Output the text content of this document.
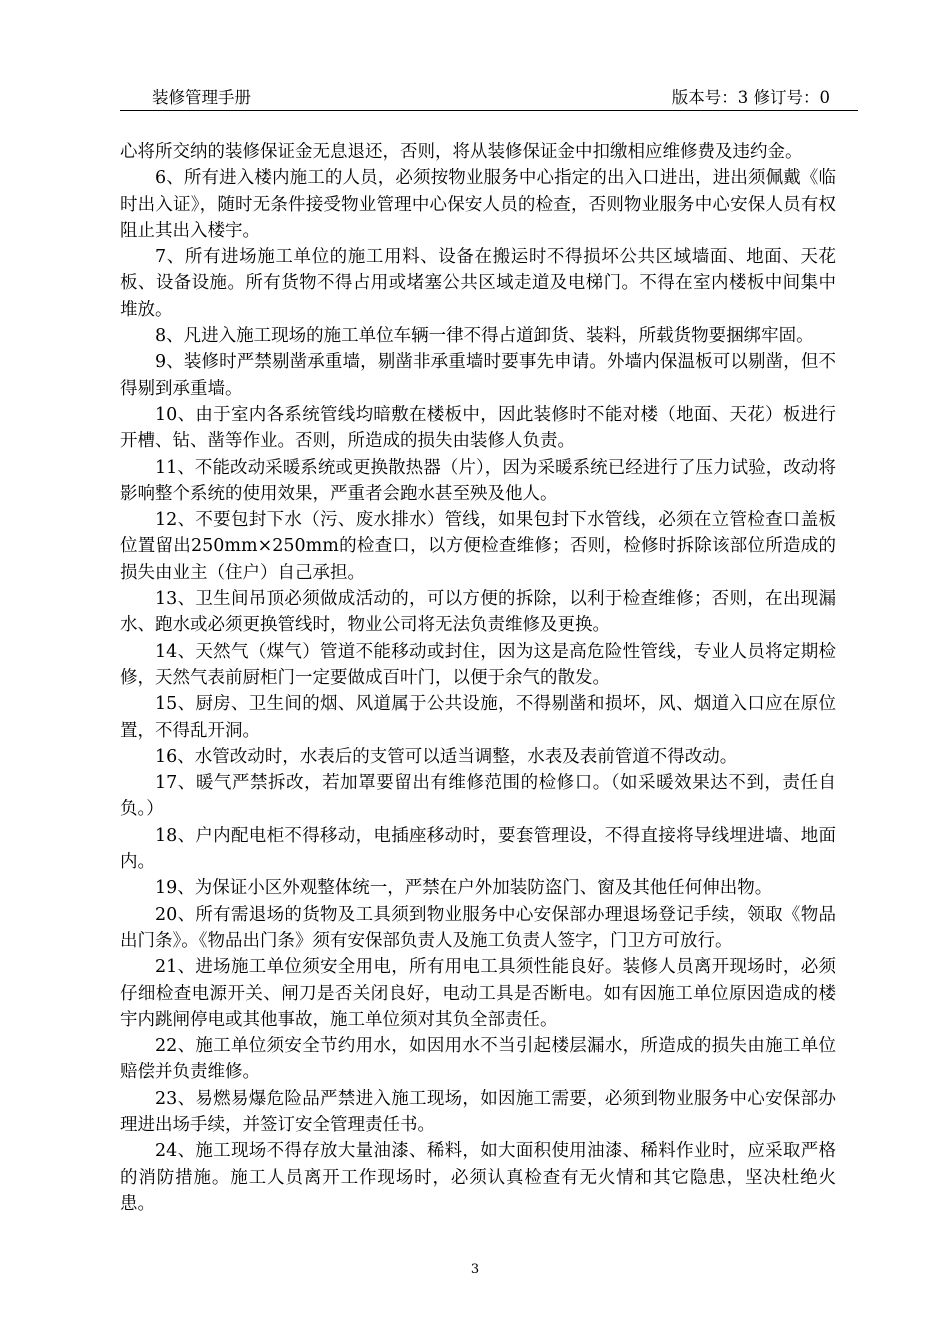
装修管理手册	版本号：3 修订号：0

心将所交纳的装修保证金无息退还，否则，将从装修保证金中扣缴相应维修费及违约金。

6、所有进入楼内施工的人员，必须按物业服务中心指定的出入口进出，进出须佩戴《临时出入证》，随时无条件接受物业管理中心保安人员的检查，否则物业服务中心安保人员有权阻止其出入楼宇。

7、所有进场施工单位的施工用料、设备在搬运时不得损坏公共区域墙面、地面、天花板、设备设施。所有货物不得占用或堵塞公共区域走道及电梯门。不得在室内楼板中间集中堆放。

8、凡进入施工现场的施工单位车辆一律不得占道卸货、装料，所载货物要捆绑牢固。

9、装修时严禁剔凿承重墙，剔凿非承重墙时要事先申请。外墙内保温板可以剔凿，但不得剔到承重墙。

10、由于室内各系统管线均暗敷在楼板中，因此装修时不能对楼（地面、天花）板进行开槽、钻、凿等作业。否则，所造成的损失由装修人负责。

11、不能改动采暖系统或更换散热器（片），因为采暖系统已经进行了压力试验，改动将影响整个系统的使用效果，严重者会跑水甚至殃及他人。

12、不要包封下水（污、废水排水）管线，如果包封下水管线，必须在立管检查口盖板位置留出250mm×250mm的检查口，以方便检查维修；否则，检修时拆除该部位所造成的损失由业主（住户）自己承担。

13、卫生间吊顶必须做成活动的，可以方便的拆除，以利于检查维修；否则，在出现漏水、跑水或必须更换管线时，物业公司将无法负责维修及更换。

14、天然气（煤气）管道不能移动或封住，因为这是高危险性管线，专业人员将定期检修，天然气表前厨柜门一定要做成百叶门，以便于余气的散发。

15、厨房、卫生间的烟、风道属于公共设施，不得剔凿和损坏，风、烟道入口应在原位置，不得乱开洞。

16、水管改动时，水表后的支管可以适当调整，水表及表前管道不得改动。

17、暖气严禁拆改，若加罩要留出有维修范围的检修口。（如采暖效果达不到，责任自负。）

18、户内配电柜不得移动，电插座移动时，要套管理设，不得直接将导线埋进墙、地面内。

19、为保证小区外观整体统一，严禁在户外加装防盗门、窗及其他任何伸出物。

20、所有需退场的货物及工具须到物业服务中心安保部办理退场登记手续，领取《物品出门条》。《物品出门条》须有安保部负责人及施工负责人签字，门卫方可放行。

21、进场施工单位须安全用电，所有用电工具须性能良好。装修人员离开现场时，必须仔细检查电源开关、闸刀是否关闭良好，电动工具是否断电。如有因施工单位原因造成的楼宇内跳闸停电或其他事故，施工单位须对其负全部责任。

22、施工单位须安全节约用水，如因用水不当引起楼层漏水，所造成的损失由施工单位赔偿并负责维修。

23、易燃易爆危险品严禁进入施工现场，如因施工需要，必须到物业服务中心安保部办理进出场手续，并签订安全管理责任书。

24、施工现场不得存放大量油漆、稀料，如大面积使用油漆、稀料作业时，应采取严格的消防措施。施工人员离开工作现场时，必须认真检查有无火情和其它隐患，坚决杜绝火患。

3
